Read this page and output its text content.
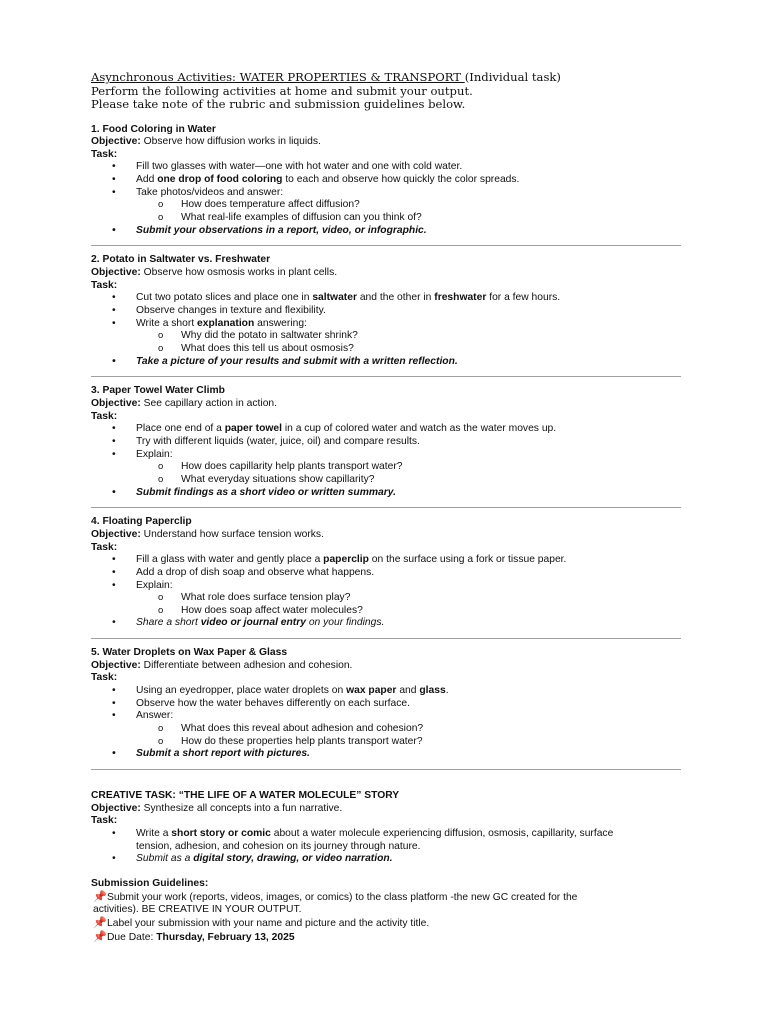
Asynchronous Activities: WATER PROPERTIES & TRANSPORT (Individual task)
Perform the following activities at home and submit your output.
Please take note of the rubric and submission guidelines below.
1. Food Coloring in Water
Objective: Observe how diffusion works in liquids.
Task:
• Fill two glasses with water—one with hot water and one with cold water.
• Add one drop of food coloring to each and observe how quickly the color spreads.
• Take photos/videos and answer:
o How does temperature affect diffusion?
o What real-life examples of diffusion can you think of?
• Submit your observations in a report, video, or infographic.
2. Potato in Saltwater vs. Freshwater
Objective: Observe how osmosis works in plant cells.
Task:
• Cut two potato slices and place one in saltwater and the other in freshwater for a few hours.
• Observe changes in texture and flexibility.
• Write a short explanation answering:
o Why did the potato in saltwater shrink?
o What does this tell us about osmosis?
• Take a picture of your results and submit with a written reflection.
3. Paper Towel Water Climb
Objective: See capillary action in action.
Task:
• Place one end of a paper towel in a cup of colored water and watch as the water moves up.
• Try with different liquids (water, juice, oil) and compare results.
• Explain:
o How does capillarity help plants transport water?
o What everyday situations show capillarity?
• Submit findings as a short video or written summary.
4. Floating Paperclip
Objective: Understand how surface tension works.
Task:
• Fill a glass with water and gently place a paperclip on the surface using a fork or tissue paper.
• Add a drop of dish soap and observe what happens.
• Explain:
o What role does surface tension play?
o How does soap affect water molecules?
• Share a short video or journal entry on your findings.
5. Water Droplets on Wax Paper & Glass
Objective: Differentiate between adhesion and cohesion.
Task:
• Using an eyedropper, place water droplets on wax paper and glass.
• Observe how the water behaves differently on each surface.
• Answer:
o What does this reveal about adhesion and cohesion?
o How do these properties help plants transport water?
• Submit a short report with pictures.
CREATIVE TASK: “THE LIFE OF A WATER MOLECULE” STORY
Objective: Synthesize all concepts into a fun narrative.
Task:
• Write a short story or comic about a water molecule experiencing diffusion, osmosis, capillarity, surface
tension, adhesion, and cohesion on its journey through nature.
• Submit as a digital story, drawing, or video narration.
Submission Guidelines:
📌Submit your work (reports, videos, images, or comics) to the class platform -the new GC created for the
activities). BE CREATIVE IN YOUR OUTPUT.
📌Label your submission with your name and picture and the activity title.
📌Due Date: Thursday, February 13, 2025
